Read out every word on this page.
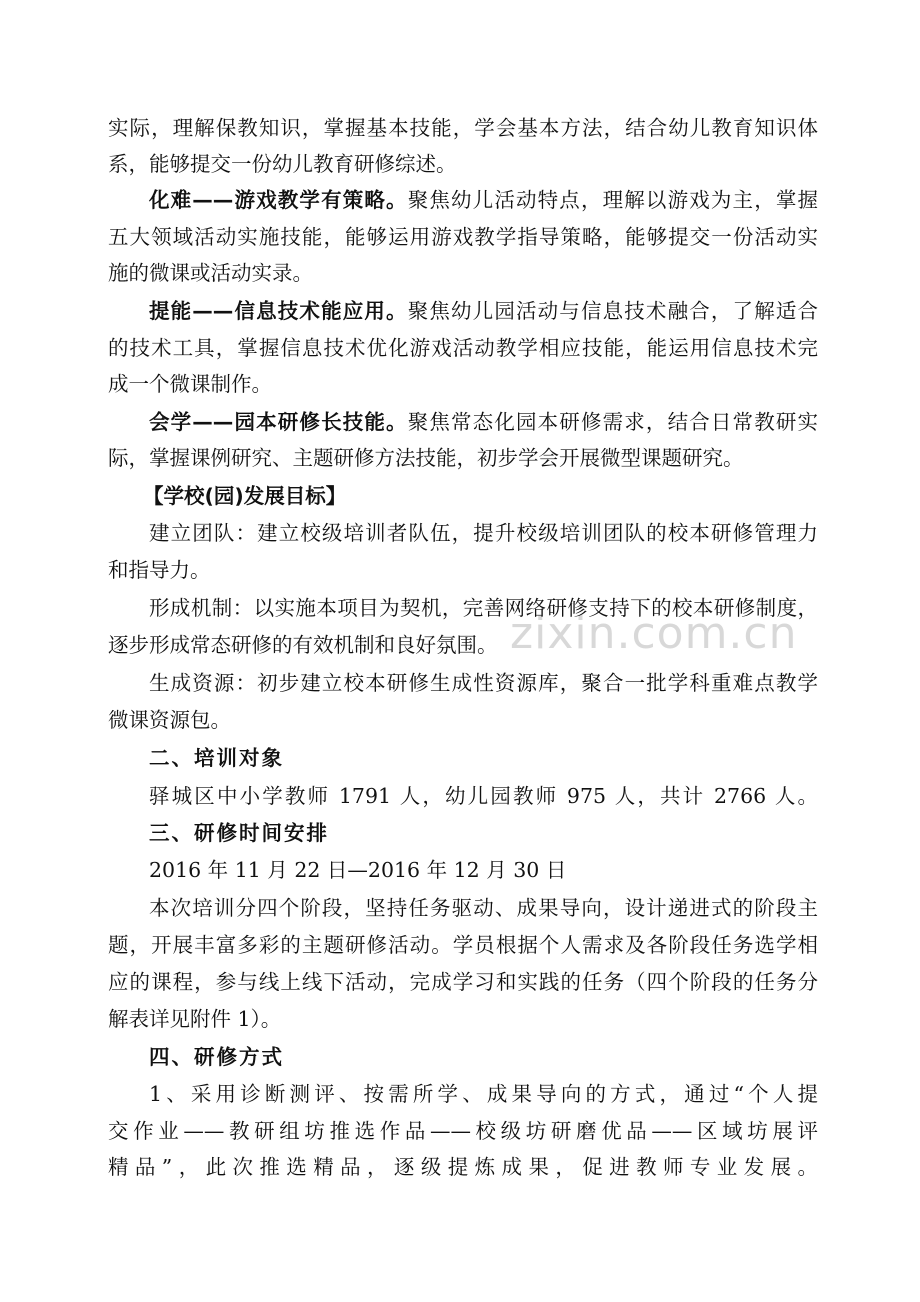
zixin.com.cn
实际，理解保教知识，掌握基本技能，学会基本方法，结合幼儿教育知识体
系，能够提交一份幼儿教育研修综述。
化难——游戏教学有策略。聚焦幼儿活动特点，理解以游戏为主，掌握
五大领域活动实施技能，能够运用游戏教学指导策略，能够提交一份活动实
施的微课或活动实录。
提能——信息技术能应用。聚焦幼儿园活动与信息技术融合，了解适合
的技术工具，掌握信息技术优化游戏活动教学相应技能，能运用信息技术完
成一个微课制作。
会学——园本研修长技能。聚焦常态化园本研修需求，结合日常教研实
际，掌握课例研究、主题研修方法技能，初步学会开展微型课题研究。
【学校(园)发展目标】
建立团队：建立校级培训者队伍，提升校级培训团队的校本研修管理力
和指导力。
形成机制：以实施本项目为契机，完善网络研修支持下的校本研修制度，
逐步形成常态研修的有效机制和良好氛围。
生成资源：初步建立校本研修生成性资源库，聚合一批学科重难点教学
微课资源包。
二、培训对象
驿城区中小学教师 1791 人，幼儿园教师 975 人，共计 2766 人。
三、研修时间安排
2016 年 11 月 22 日—2016 年 12 月 30 日
本次培训分四个阶段，坚持任务驱动、成果导向，设计递进式的阶段主
题，开展丰富多彩的主题研修活动。学员根据个人需求及各阶段任务选学相
应的课程，参与线上线下活动，完成学习和实践的任务（四个阶段的任务分
解表详见附件 1）。
四、研修方式
1、采用诊断测评、按需所学、成果导向的方式，通过“个人提
交作业——教研组坊推选作品——校级坊研磨优品——区域坊展评
精品”，此次推选精品，逐级提炼成果，促进教师专业发展。
